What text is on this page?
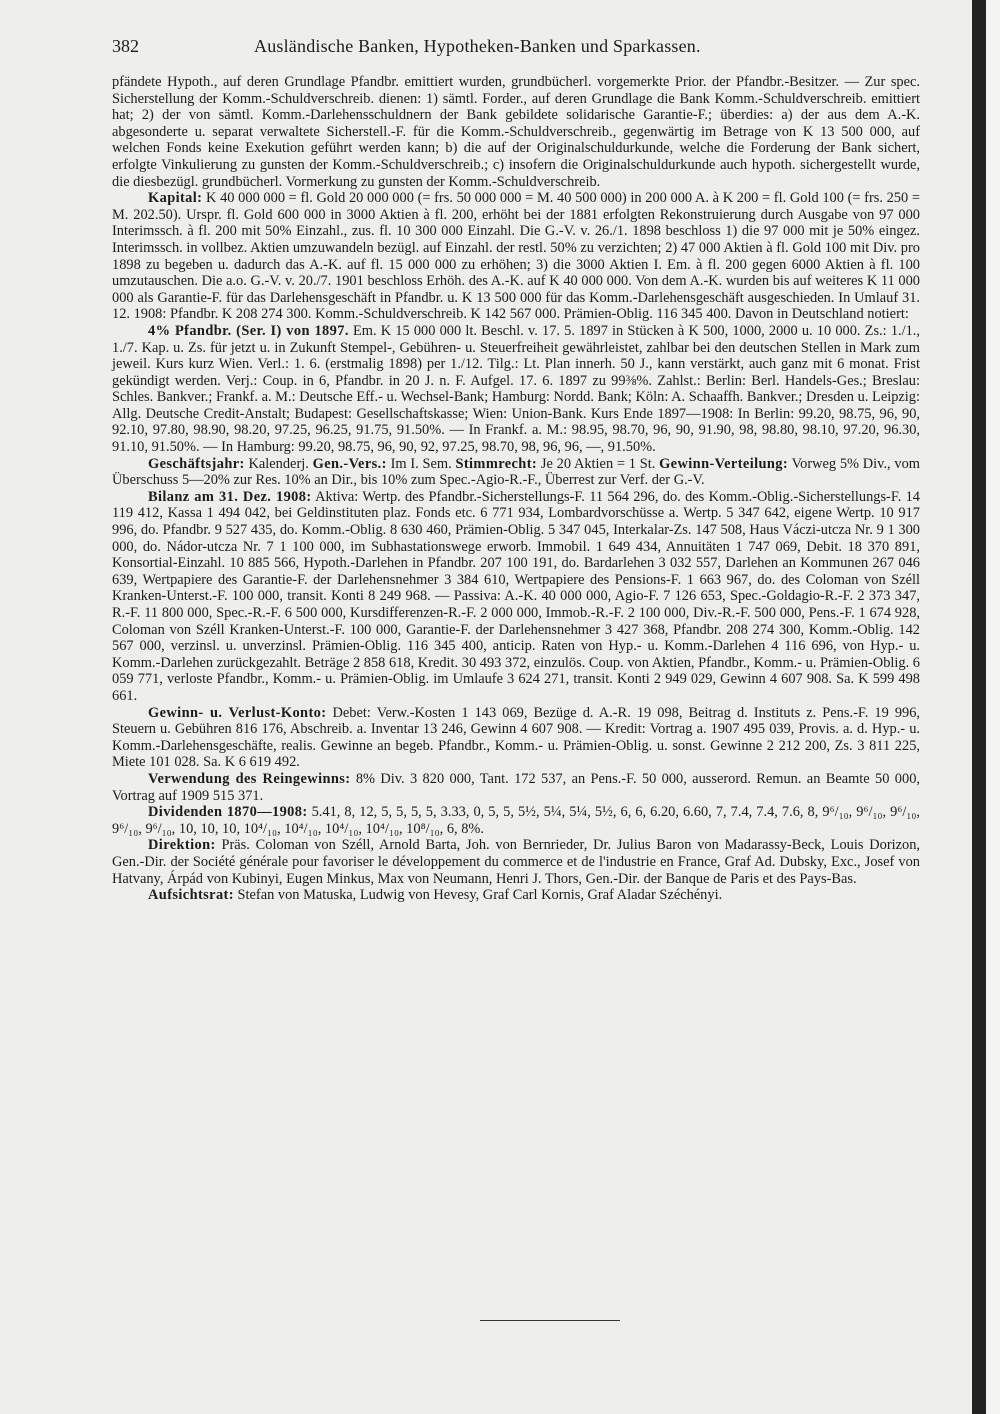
382	Ausländische Banken, Hypotheken-Banken und Sparkassen.

pfändete Hypoth., auf deren Grundlage Pfandbr. emittiert wurden, grundbücherl. vorgemerkte Prior. der Pfandbr.-Besitzer. — Zur spec. Sicherstellung der Komm.-Schuldverschreib. dienen: 1) sämtl. Forder., auf deren Grundlage die Bank Komm.-Schuldverschreib. emittiert hat; 2) der von sämtl. Komm.-Darlehensschuldnern der Bank gebildete solidarische Garantie-F.; überdies: a) der aus dem A.-K. abgesonderte u. separat verwaltete Sicherstell.-F. für die Komm.-Schuldverschreib., gegenwärtig im Betrage von K 13 500 000, auf welchen Fonds keine Exekution geführt werden kann; b) die auf der Originalschuldurkunde, welche die Forderung der Bank sichert, erfolgte Vinkulierung zu gunsten der Komm.-Schuldverschreib.; c) insofern die Originalschuldurkunde auch hypoth. sichergestellt wurde, die diesbezügl. grundbücherl. Vormerkung zu gunsten der Komm.-Schuldverschreib.

Kapital: K 40 000 000 = fl. Gold 20 000 000 (= frs. 50 000 000 = M. 40 500 000) in 200 000 A. à K 200 = fl. Gold 100 (= frs. 250 = M. 202.50). Urspr. fl. Gold 600 000 in 3000 Aktien à fl. 200, erhöht bei der 1881 erfolgten Rekonstruierung durch Ausgabe von 97 000 Interimssch. à fl. 200 mit 50% Einzahl., zus. fl. 10 300 000 Einzahl. Die G.-V. v. 26./1. 1898 beschloss 1) die 97 000 mit je 50% eingez. Interimssch. in vollbez. Aktien umzuwandeln bezügl. auf Einzahl. der restl. 50% zu verzichten; 2) 47 000 Aktien à fl. Gold 100 mit Div. pro 1898 zu begeben u. dadurch das A.-K. auf fl. 15 000 000 zu erhöhen; 3) die 3000 Aktien I. Em. à fl. 200 gegen 6000 Aktien à fl. 100 umzutauschen. Die a.o. G.-V. v. 20./7. 1901 beschloss Erhöh. des A.-K. auf K 40 000 000. Von dem A.-K. wurden bis auf weiteres K 11 000 000 als Garantie-F. für das Darlehensgeschäft in Pfandbr. u. K 13 500 000 für das Komm.-Darlehensgeschäft ausgeschieden. In Umlauf 31. 12. 1908: Pfandbr. K 208 274 300. Komm.-Schuldverschreib. K 142 567 000. Prämien-Oblig. 116 345 400. Davon in Deutschland notiert:

4% Pfandbr. (Ser. I) von 1897. Em. K 15 000 000 lt. Beschl. v. 17. 5. 1897 in Stücken à K 500, 1000, 2000 u. 10 000. Zs.: 1./1., 1./7. Kap. u. Zs. für jetzt u. in Zukunft Stempel-, Gebühren- u. Steuerfreiheit gewährleistet, zahlbar bei den deutschen Stellen in Mark zum jeweil. Kurs kurz Wien. Verl.: 1. 6. (erstmalig 1898) per 1./12. Tilg.: Lt. Plan innerh. 50 J., kann verstärkt, auch ganz mit 6 monat. Frist gekündigt werden. Verj.: Coup. in 6, Pfandbr. in 20 J. n. F. Aufgel. 17. 6. 1897 zu 99⅜%. Zahlst.: Berlin: Berl. Handels-Ges.; Breslau: Schles. Bankver.; Frankf. a. M.: Deutsche Eff.- u. Wechsel-Bank; Hamburg: Nordd. Bank; Köln: A. Schaaffh. Bankver.; Dresden u. Leipzig: Allg. Deutsche Credit-Anstalt; Budapest: Gesellschaftskasse; Wien: Union-Bank. Kurs Ende 1897—1908: In Berlin: 99.20, 98.75, 96, 90, 92.10, 97.80, 98.90, 98.20, 97.25, 96.25, 91.75, 91.50%. — In Frankf. a. M.: 98.95, 98.70, 96, 90, 91.90, 98, 98.80, 98.10, 97.20, 96.30, 91.10, 91.50%. — In Hamburg: 99.20, 98.75, 96, 90, 92, 97.25, 98.70, 98, 96, 96, —, 91.50%.

Geschäftsjahr: Kalenderj. Gen.-Vers.: Im I. Sem. Stimmrecht: Je 20 Aktien = 1 St. Gewinn-Verteilung: Vorweg 5% Div., vom Überschuss 5—20% zur Res. 10% an Dir., bis 10% zum Spec.-Agio-R.-F., Überrest zur Verf. der G.-V.

Bilanz am 31. Dez. 1908: Aktiva: Wertp. des Pfandbr.-Sicherstellungs-F. 11 564 296, do. des Komm.-Oblig.-Sicherstellungs-F. 14 119 412, Kassa 1 494 042, bei Geldinstituten plaz. Fonds etc. 6 771 934, Lombardvorschüsse a. Wertp. 5 347 642, eigene Wertp. 10 917 996, do. Pfandbr. 9 527 435, do. Komm.-Oblig. 8 630 460, Prämien-Oblig. 5 347 045, Interkalar-Zs. 147 508, Haus Váczi-utcza Nr. 9 1 300 000, do. Nádor-utcza Nr. 7 1 100 000, im Subhastationswege erworb. Immobil. 1 649 434, Annuitäten 1 747 069, Debit. 18 370 891, Konsortial-Einzahl. 10 885 566, Hypoth.-Darlehen in Pfandbr. 207 100 191, do. Bardarlehen 3 032 557, Darlehen an Kommunen 267 046 639, Wertpapiere des Garantie-F. der Darlehensnehmer 3 384 610, Wertpapiere des Pensions-F. 1 663 967, do. des Coloman von Széll Kranken-Unterst.-F. 100 000, transit. Konti 8 249 968. — Passiva: A.-K. 40 000 000, Agio-F. 7 126 653, Spec.-Goldagio-R.-F. 2 373 347, R.-F. 11 800 000, Spec.-R.-F. 6 500 000, Kursdifferenzen-R.-F. 2 000 000, Immob.-R.-F. 2 100 000, Div.-R.-F. 500 000, Pens.-F. 1 674 928, Coloman von Széll Kranken-Unterst.-F. 100 000, Garantie-F. der Darlehensnehmer 3 427 368, Pfandbr. 208 274 300, Komm.-Oblig. 142 567 000, verzinsl. u. unverzinsl. Prämien-Oblig. 116 345 400, anticip. Raten von Hyp.- u. Komm.-Darlehen 4 116 696, von Hyp.- u. Komm.-Darlehen zurückgezahlt. Beträge 2 858 618, Kredit. 30 493 372, einzulös. Coup. von Aktien, Pfandbr., Komm.- u. Prämien-Oblig. 6 059 771, verloste Pfandbr., Komm.- u. Prämien-Oblig. im Umlaufe 3 624 271, transit. Konti 2 949 029, Gewinn 4 607 908. Sa. K 599 498 661.

Gewinn- u. Verlust-Konto: Debet: Verw.-Kosten 1 143 069, Bezüge d. A.-R. 19 098, Beitrag d. Instituts z. Pens.-F. 19 996, Steuern u. Gebühren 816 176, Abschreib. a. Inventar 13 246, Gewinn 4 607 908. — Kredit: Vortrag a. 1907 495 039, Provis. a. d. Hyp.- u. Komm.-Darlehensgeschäfte, realis. Gewinne an begeb. Pfandbr., Komm.- u. Prämien-Oblig. u. sonst. Gewinne 2 212 200, Zs. 3 811 225, Miete 101 028. Sa. K 6 619 492.

Verwendung des Reingewinns: 8% Div. 3 820 000, Tant. 172 537, an Pens.-F. 50 000, ausserord. Remun. an Beamte 50 000, Vortrag auf 1909 515 371.

Dividenden 1870—1908: 5.41, 8, 12, 5, 5, 5, 5, 3.33, 0, 5, 5, 5½, 5¼, 5¼, 5½, 6, 6, 6.20, 6.60, 7, 7.4, 7.4, 7.6, 8, 9⁶/₁₀, 9⁶/₁₀, 9⁶/₁₀, 9⁶/₁₀, 9⁶/₁₀, 10, 10, 10, 10⁴/₁₀, 10⁴/₁₀, 10⁴/₁₀, 10⁴/₁₀, 10⁸/₁₀, 6, 8%.

Direktion: Präs. Coloman von Széll, Arnold Barta, Joh. von Bernrieder, Dr. Julius Baron von Madarassy-Beck, Louis Dorizon, Gen.-Dir. der Société générale pour favoriser le développement du commerce et de l'industrie en France, Graf Ad. Dubsky, Exc., Josef von Hatvany, Árpád von Kubinyi, Eugen Minkus, Max von Neumann, Henri J. Thors, Gen.-Dir. der Banque de Paris et des Pays-Bas.

Aufsichtsrat: Stefan von Matuska, Ludwig von Hevesy, Graf Carl Kornis, Graf Aladar Széchényi.
